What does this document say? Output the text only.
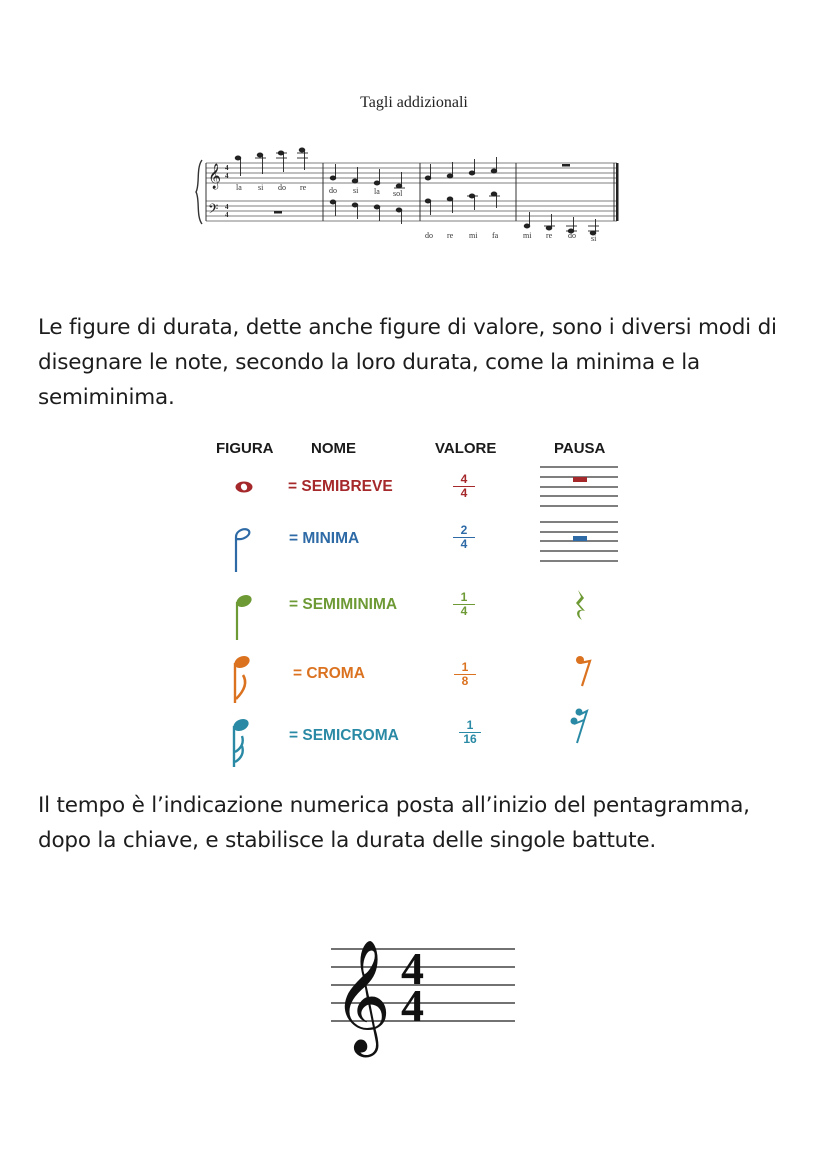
Tagli addizionali
𝄞
𝄢
4
4
4
4
la si do re	do si la sol
do re mi fa	mi re do si
Le figure di durata, dette anche figure di valore, sono i diversi modi di disegnare le note, secondo la loro durata, come la minima e la semiminima.
FIGURA	NOME	VALORE	PAUSA
= SEMIBREVE	$\frac{4}{4}$
= MINIMA	$\frac{2}{4}$
= SEMIMINIMA	$\frac{1}{4}$
= CROMA	$\frac{1}{8}$
= SEMICROMA	$\frac{1}{16}$
Il tempo è l’indicazione numerica posta all’inizio del pentagramma, dopo la chiave, e stabilisce la durata delle singole battute.
𝄞 4
4
